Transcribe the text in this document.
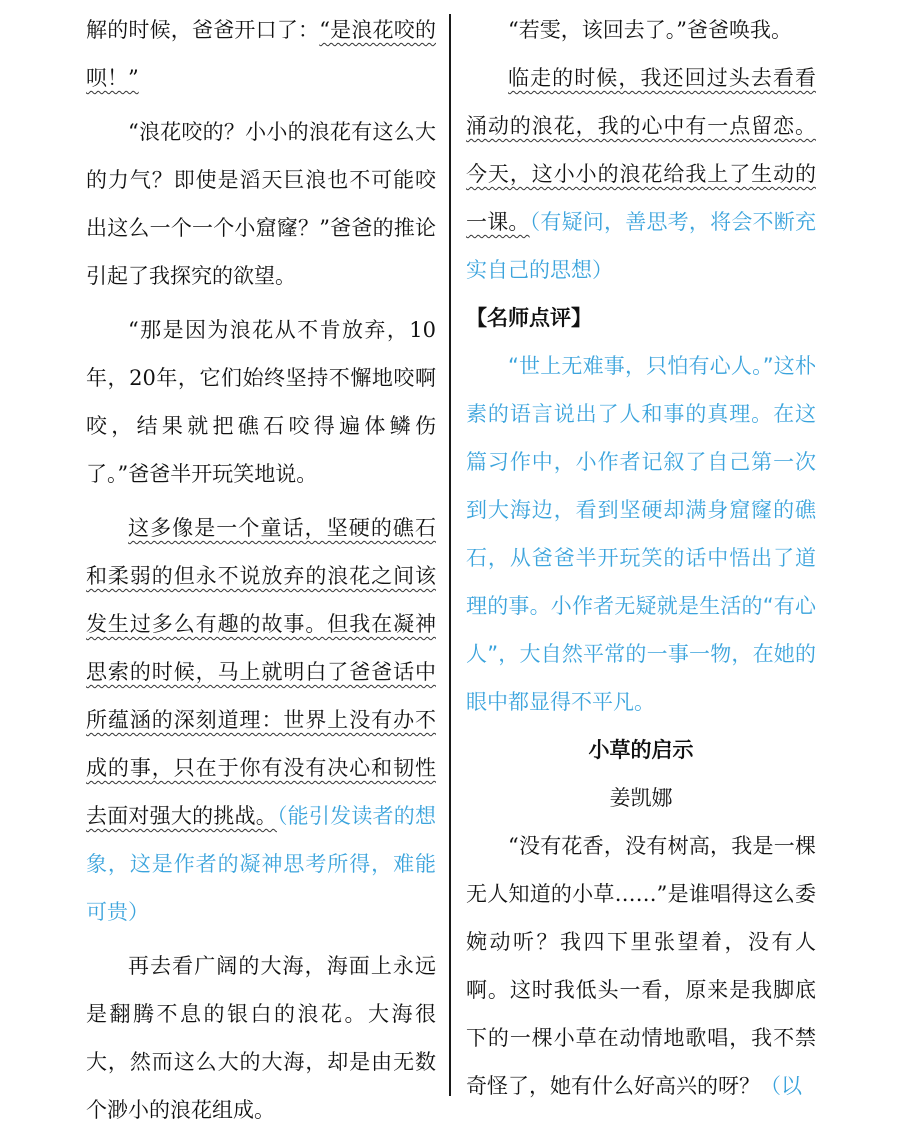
解的时候，爸爸开口了：“是浪花咬的呗！”

“浪花咬的？小小的浪花有这么大的力气？即使是滔天巨浪也不可能咬出这么一个一个小窟窿？”爸爸的推论引起了我探究的欲望。

“那是因为浪花从不肯放弃，10年，20年，它们始终坚持不懈地咬啊咬，结果就把礁石咬得遍体鳞伤了。”爸爸半开玩笑地说。

这多像是一个童话，坚硬的礁石和柔弱的但永不说放弃的浪花之间该发生过多么有趣的故事。但我在凝神思索的时候，马上就明白了爸爸话中所蕴涵的深刻道理：世界上没有办不成的事，只在于你有没有决心和韧性去面对强大的挑战。（能引发读者的想象，这是作者的凝神思考所得，难能可贵）

再去看广阔的大海，海面上永远是翻腾不息的银白的浪花。大海很大，然而这么大的大海，却是由无数个渺小的浪花组成。

“若雯，该回去了。”爸爸唤我。

临走的时候，我还回过头去看看涌动的浪花，我的心中有一点留恋。今天，这小小的浪花给我上了生动的一课。（有疑问，善思考，将会不断充实自己的思想）

【名师点评】

“世上无难事，只怕有心人。”这朴素的语言说出了人和事的真理。在这篇习作中，小作者记叙了自己第一次到大海边，看到坚硬却满身窟窿的礁石，从爸爸半开玩笑的话中悟出了道理的事。小作者无疑就是生活的“有心人”，大自然平常的一事一物，在她的眼中都显得不平凡。

小草的启示

姜凯娜

“没有花香，没有树高，我是一棵无人知道的小草……”是谁唱得这么委婉动听？我四下里张望着，没有人啊。这时我低头一看，原来是我脚底下的一棵小草在动情地歌唱，我不禁奇怪了，她有什么好高兴的呀？（以
